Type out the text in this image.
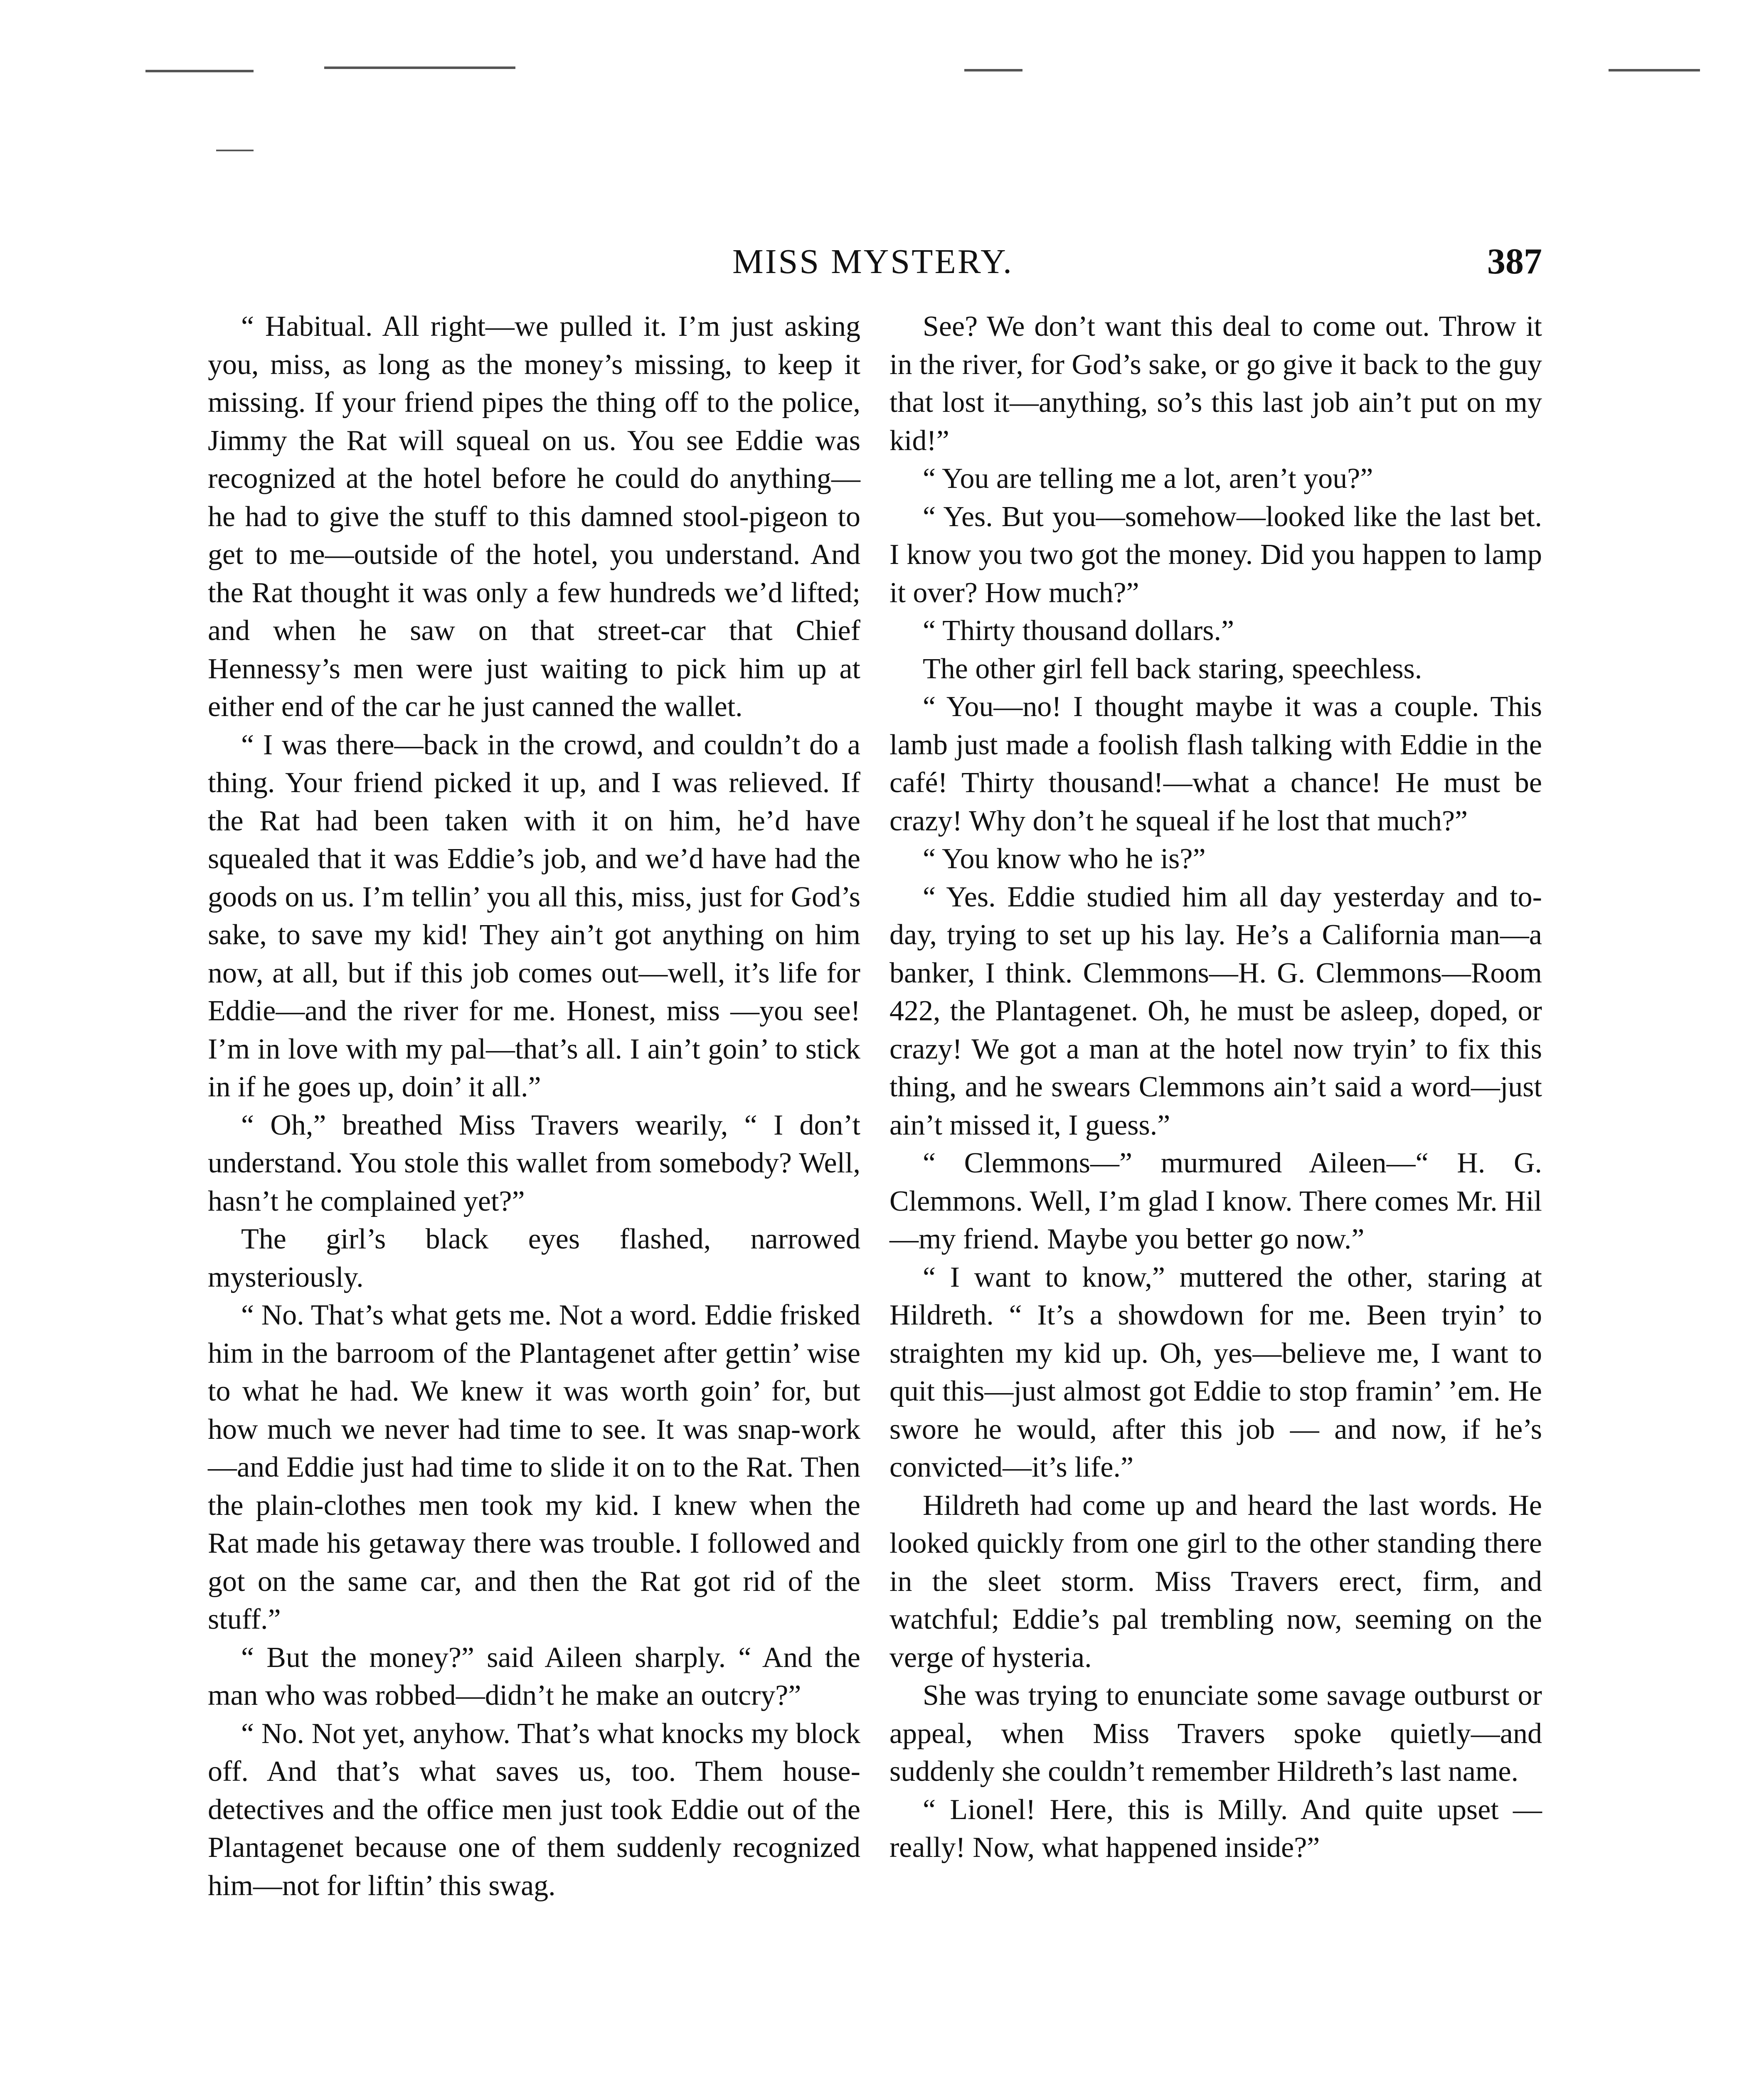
MISS MYSTERY.	387

“ Habitual. All right—we pulled it. I’m just asking you, miss, as long as the money’s missing, to keep it missing. If your friend pipes the thing off to the police, Jimmy the Rat will squeal on us. You see Eddie was recognized at the hotel before he could do anything—he had to give the stuff to this damned stool-pigeon to get to me—outside of the hotel, you understand. And the Rat thought it was only a few hundreds we’d lifted; and when he saw on that street-car that Chief Hennessy’s men were just waiting to pick him up at either end of the car he just canned the wallet.

“ I was there—back in the crowd, and couldn’t do a thing. Your friend picked it up, and I was relieved. If the Rat had been taken with it on him, he’d have squealed that it was Eddie’s job, and we’d have had the goods on us. I’m tellin’ you all this, miss, just for God’s sake, to save my kid! They ain’t got anything on him now, at all, but if this job comes out—well, it’s life for Eddie—and the river for me. Honest, miss —you see! I’m in love with my pal—that’s all. I ain’t goin’ to stick in if he goes up, doin’ it all.”

“ Oh,” breathed Miss Travers wearily, “ I don’t understand. You stole this wallet from somebody? Well, hasn’t he complained yet?”

The girl’s black eyes flashed, narrowed mysteriously.

“ No. That’s what gets me. Not a word. Eddie frisked him in the barroom of the Plantagenet after gettin’ wise to what he had. We knew it was worth goin’ for, but how much we never had time to see. It was snap-work—and Eddie just had time to slide it on to the Rat. Then the plain-clothes men took my kid. I knew when the Rat made his getaway there was trouble. I followed and got on the same car, and then the Rat got rid of the stuff.”

“ But the money?” said Aileen sharply. “ And the man who was robbed—didn’t he make an outcry?”

“ No. Not yet, anyhow. That’s what knocks my block off. And that’s what saves us, too. Them house-detectives and the office men just took Eddie out of the Plantagenet because one of them suddenly recognized him—not for liftin’ this swag.

See? We don’t want this deal to come out. Throw it in the river, for God’s sake, or go give it back to the guy that lost it—anything, so’s this last job ain’t put on my kid!”

“ You are telling me a lot, aren’t you?”

“ Yes. But you—somehow—looked like the last bet. I know you two got the money. Did you happen to lamp it over? How much?”

“ Thirty thousand dollars.”

The other girl fell back staring, speechless.

“ You—no! I thought maybe it was a couple. This lamb just made a foolish flash talking with Eddie in the café! Thirty thousand!—what a chance! He must be crazy! Why don’t he squeal if he lost that much?”

“ You know who he is?”

“ Yes. Eddie studied him all day yesterday and to-day, trying to set up his lay. He’s a California man—a banker, I think. Clemmons—H. G. Clemmons—Room 422, the Plantagenet. Oh, he must be asleep, doped, or crazy! We got a man at the hotel now tryin’ to fix this thing, and he swears Clemmons ain’t said a word—just ain’t missed it, I guess.”

“ Clemmons—” murmured Aileen—“ H. G. Clemmons. Well, I’m glad I know. There comes Mr. Hil—my friend. Maybe you better go now.”

“ I want to know,” muttered the other, staring at Hildreth. “ It’s a showdown for me. Been tryin’ to straighten my kid up. Oh, yes—believe me, I want to quit this—just almost got Eddie to stop framin’ ’em. He swore he would, after this job — and now, if he’s convicted—it’s life.”

Hildreth had come up and heard the last words. He looked quickly from one girl to the other standing there in the sleet storm. Miss Travers erect, firm, and watchful; Eddie’s pal trembling now, seeming on the verge of hysteria.

She was trying to enunciate some savage outburst or appeal, when Miss Travers spoke quietly—and suddenly she couldn’t remember Hildreth’s last name.

“ Lionel! Here, this is Milly. And quite upset — really! Now, what happened inside?”
